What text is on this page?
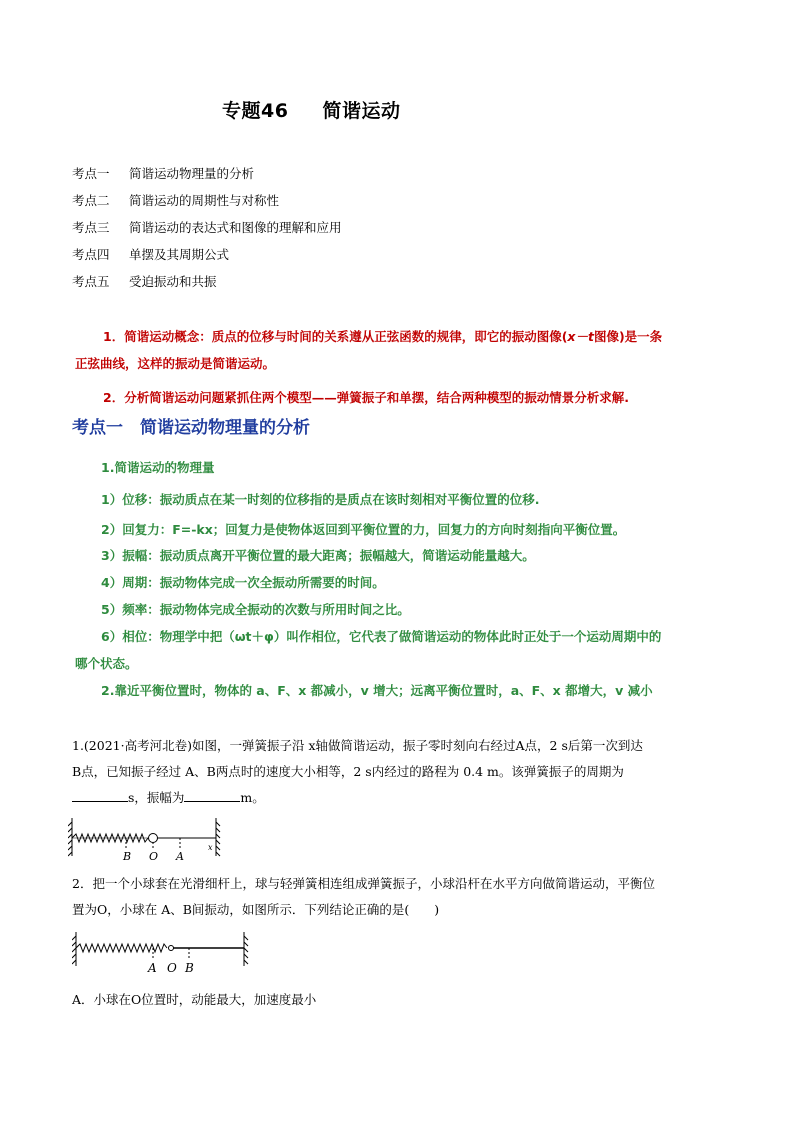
专题46 简谐运动
考点一 简谐运动物理量的分析
考点二 简谐运动的周期性与对称性
考点三 简谐运动的表达式和图像的理解和应用
考点四 单摆及其周期公式
考点五 受迫振动和共振
1．简谐运动概念：质点的位移与时间的关系遵从正弦函数的规律，即它的振动图像(x－t图像)是一条
正弦曲线，这样的振动是简谐运动。
2．分析简谐运动问题紧抓住两个模型——弹簧振子和单摆，结合两种模型的振动情景分析求解.
考点一　简谐运动物理量的分析
1.简谐运动的物理量
1）位移：振动质点在某一时刻的位移指的是质点在该时刻相对平衡位置的位移.
2）回复力：F=-kx；回复力是使物体返回到平衡位置的力，回复力的方向时刻指向平衡位置。
3）振幅：振动质点离开平衡位置的最大距离；振幅越大，简谐运动能量越大。
4）周期：振动物体完成一次全振动所需要的时间。
5）频率：振动物体完成全振动的次数与所用时间之比。
6）相位：物理学中把（ωt＋φ）叫作相位，它代表了做简谐运动的物体此时正处于一个运动周期中的
哪个状态。
2.靠近平衡位置时，物体的 a、F、x 都减小，v 增大；远离平衡位置时，a、F、x 都增大，v 减小
1.(2021·高考河北卷)如图，一弹簧振子沿 x轴做简谐运动，振子零时刻向右经过A点，2 s后第一次到达
B点，已知振子经过 A、B两点时的速度大小相等，2 s内经过的路程为 0.4 m。该弹簧振子的周期为
s，振幅为	m。
B O A
x
2．把一个小球套在光滑细杆上，球与轻弹簧相连组成弹簧振子，小球沿杆在水平方向做简谐运动，平衡位
置为O，小球在 A、B间振动，如图所示．下列结论正确的是(　　)
A O B
A．小球在O位置时，动能最大，加速度最小
